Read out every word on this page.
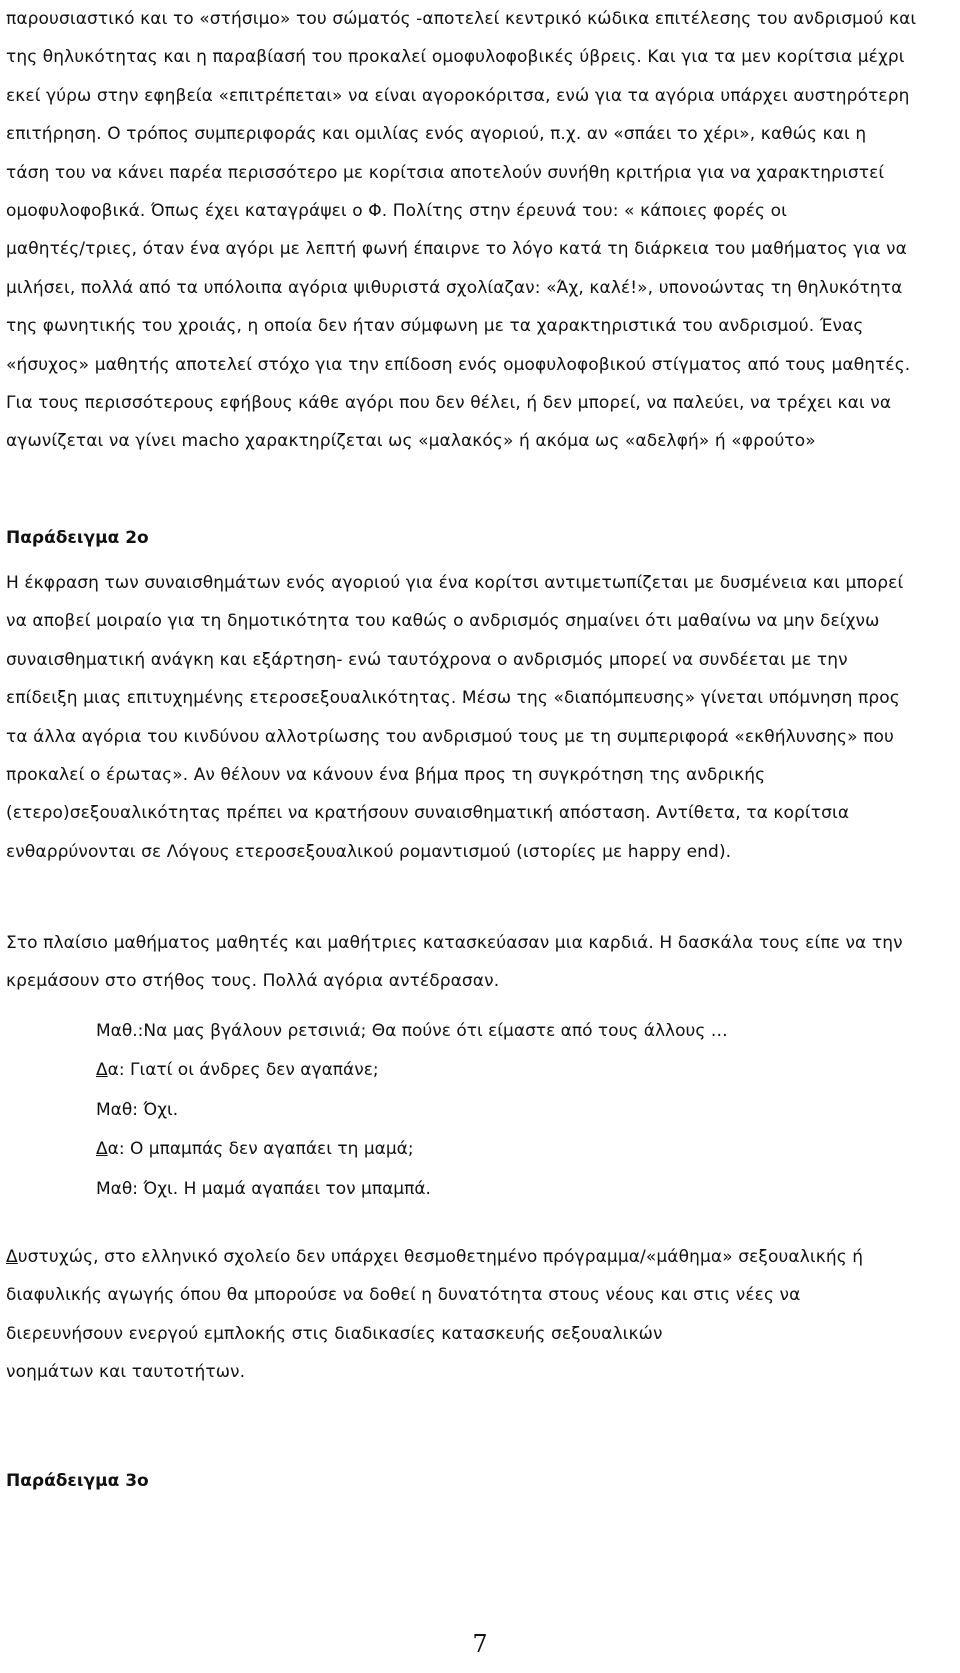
παρουσιαστικό και το «στήσιμο» του σώματός -αποτελεί κεντρικό κώδικα επιτέλεσης του ανδρισμού και

της θηλυκότητας και η παραβίασή του προκαλεί ομοφυλοφοβικές ύβρεις. Και για τα μεν κορίτσια μέχρι

εκεί γύρω στην εφηβεία «επιτρέπεται» να είναι αγοροκόριτσα, ενώ για τα αγόρια υπάρχει αυστηρότερη

επιτήρηση. Ο τρόπος συμπεριφοράς και ομιλίας ενός αγοριού, π.χ. αν «σπάει το χέρι», καθώς και η

τάση του να κάνει παρέα περισσότερο με κορίτσια αποτελούν συνήθη κριτήρια για να χαρακτηριστεί

ομοφυλοφοβικά. Όπως έχει καταγράψει ο Φ. Πολίτης στην έρευνά του: « κάποιες φορές οι

μαθητές/τριες, όταν ένα αγόρι με λεπτή φωνή έπαιρνε το λόγο κατά τη διάρκεια του μαθήματος για να

μιλήσει, πολλά από τα υπόλοιπα αγόρια ψιθυριστά σχολίαζαν: «Άχ, καλέ!», υπονοώντας τη θηλυκότητα

της φωνητικής του χροιάς, η οποία δεν ήταν σύμφωνη με τα χαρακτηριστικά του ανδρισμού. Ένας

«ήσυχος» μαθητής αποτελεί στόχο για την επίδοση ενός ομοφυλοφοβικού στίγματος από τους μαθητές.

Για τους περισσότερους εφήβους κάθε αγόρι που δεν θέλει, ή δεν μπορεί, να παλεύει, να τρέχει και να

αγωνίζεται να γίνει macho χαρακτηρίζεται ως «μαλακός» ή ακόμα ως «αδελφή» ή «φρούτο»

Παράδειγμα 2ο

Η έκφραση των συναισθημάτων ενός αγοριού για ένα κορίτσι αντιμετωπίζεται με δυσμένεια και μπορεί

να αποβεί μοιραίο για τη δημοτικότητα του καθώς ο ανδρισμός σημαίνει ότι μαθαίνω να μην δείχνω

συναισθηματική ανάγκη και εξάρτηση- ενώ ταυτόχρονα ο ανδρισμός μπορεί να συνδέεται με την

επίδειξη μιας επιτυχημένης ετεροσεξουαλικότητας. Μέσω της «διαπόμπευσης» γίνεται υπόμνηση προς

τα άλλα αγόρια του κινδύνου αλλοτρίωσης του ανδρισμού τους με τη συμπεριφορά «εκθήλυνσης» που

προκαλεί ο έρωτας». Αν θέλουν να κάνουν ένα βήμα προς τη συγκρότηση της ανδρικής

(ετερο)σεξουαλικότητας πρέπει να κρατήσουν συναισθηματική απόσταση. Αντίθετα, τα κορίτσια

ενθαρρύνονται σε Λόγους ετεροσεξουαλικού ρομαντισμού (ιστορίες με happy end).

Στο πλαίσιο μαθήματος μαθητές και μαθήτριες κατασκεύασαν μια καρδιά. Η δασκάλα τους είπε να την

κρεμάσουν στο στήθος τους. Πολλά αγόρια αντέδρασαν.

Μαθ.:Να μας βγάλουν ρετσινιά; Θα πούνε ότι είμαστε από τους άλλους …

Δα: Γιατί οι άνδρες δεν αγαπάνε;

Μαθ: Όχι.

Δα: Ο μπαμπάς δεν αγαπάει τη μαμά;

Μαθ: Όχι. Η μαμά αγαπάει τον μπαμπά.

Δυστυχώς, στο ελληνικό σχολείο δεν υπάρχει θεσμοθετημένο πρόγραμμα/«μάθημα» σεξουαλικής ή

διαφυλικής αγωγής όπου θα μπορούσε να δοθεί η δυνατότητα στους νέους και στις νέες να

διερευνήσουν ενεργού εμπλοκής στις διαδικασίες κατασκευής σεξουαλικών

νοημάτων και ταυτοτήτων.

Παράδειγμα 3ο

7
